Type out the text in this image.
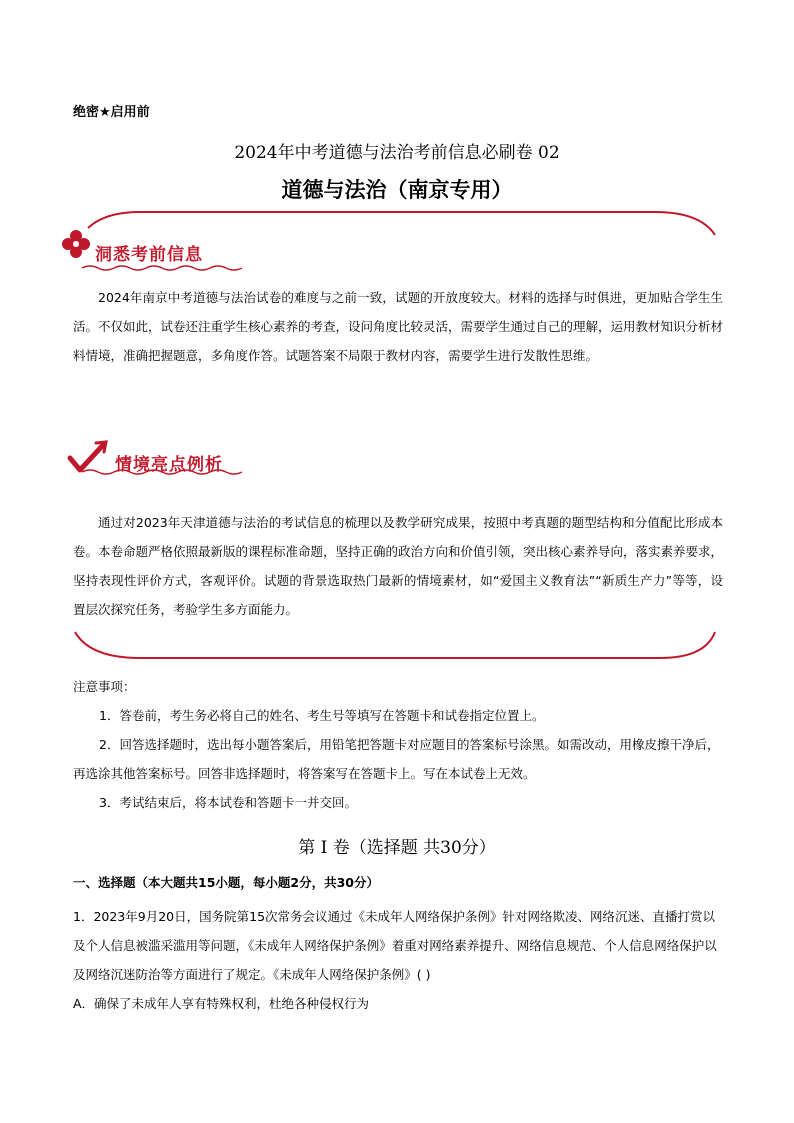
绝密★启用前
2024年中考道德与法治考前信息必刷卷 02
道德与法治（南京专用）
洞悉考前信息
2024年南京中考道德与法治试卷的难度与之前一致，试题的开放度较大。材料的选择与时俱进，更加贴合学生生活。不仅如此，试卷还注重学生核心素养的考查，设问角度比较灵活，需要学生通过自己的理解，运用教材知识分析材料情境，准确把握题意，多角度作答。试题答案不局限于教材内容，需要学生进行发散性思维。
情境亮点例析
通过对2023年天津道德与法治的考试信息的梳理以及教学研究成果，按照中考真题的题型结构和分值配比形成本卷。本卷命题严格依照最新版的课程标准命题，坚持正确的政治方向和价值引领，突出核心素养导向，落实素养要求，坚持表现性评价方式，客观评价。试题的背景选取热门最新的情境素材，如“爱国主义教育法”“新质生产力”等等，设置层次探究任务，考验学生多方面能力。

注意事项：

1．答卷前，考生务必将自己的姓名、考生号等填写在答题卡和试卷指定位置上。

2．回答选择题时，选出每小题答案后，用铅笔把答题卡对应题目的答案标号涂黑。如需改动，用橡皮擦干净后，再选涂其他答案标号。回答非选择题时，将答案写在答题卡上。写在本试卷上无效。

3．考试结束后，将本试卷和答题卡一并交回。

第 I 卷（选择题 共30分）
一、选择题（本大题共15小题，每小题2分，共30分）
1．2023年9月20日，国务院第15次常务会议通过《未成年人网络保护条例》针对网络欺凌、网络沉迷、直播打赏以及个人信息被滥采滥用等问题，《未成年人网络保护条例》着重对网络素养提升、网络信息规范、个人信息网络保护以及网络沉迷防治等方面进行了规定。《未成年人网络保护条例》( )
A．确保了未成年人享有特殊权利，杜绝各种侵权行为
